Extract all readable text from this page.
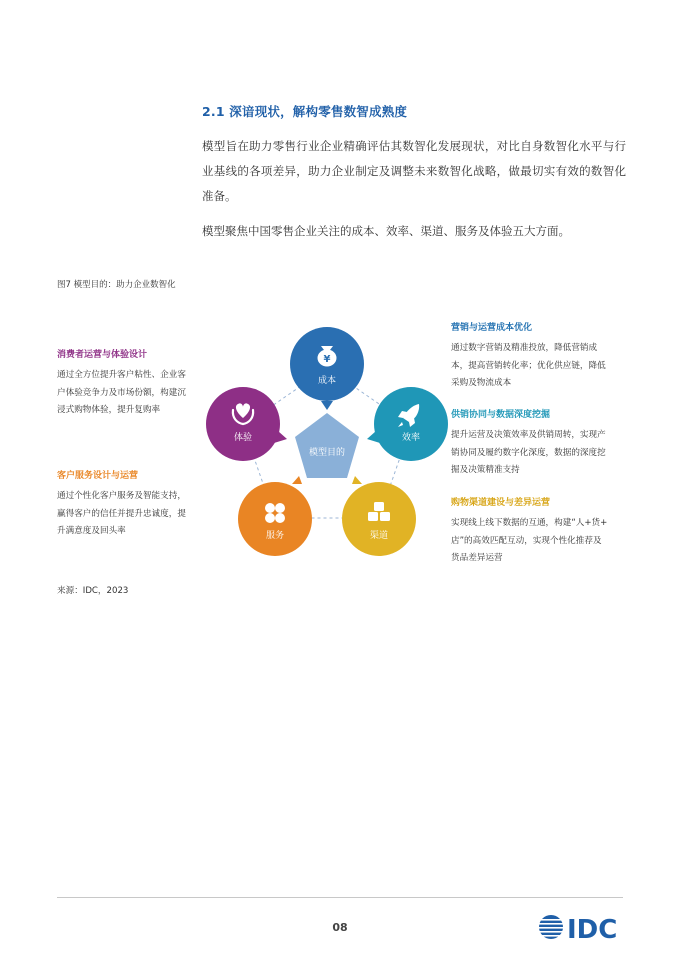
2.1 深谙现状，解构零售数智成熟度
模型旨在助力零售行业企业精确评估其数智化发展现状，对比自身数智化水平与行业基线的各项差异，助力企业制定及调整未来数智化战略，做最切实有效的数智化准备。
模型聚焦中国零售企业关注的成本、效率、渠道、服务及体验五大方面。
图7 模型目的：助力企业数智化
消费者运营与体验设计
通过全方位提升客户粘性、企业客
户体验竞争力及市场份额，构建沉
浸式购物体验，提升复购率
客户服务设计与运营
通过个性化客户服务及智能支持，
赢得客户的信任并提升忠诚度，提
升满意度及回头率
营销与运营成本优化
通过数字营销及精准投放，降低营销成
本，提高营销转化率；优化供应链，降低
采购及物流成本
供销协同与数据深度挖掘
提升运营及决策效率及供销周转，实现产
销协同及履约数字化深度，数据的深度挖
掘及决策精准支持
购物渠道建设与差异运营
实现线上线下数据的互通，构建“人+货+
店”的高效匹配互动，实现个性化推荐及
货品差异运营
模型目的
¥
成本
效率
渠道
服务
体验
来源：IDC，2023
08	IDC
